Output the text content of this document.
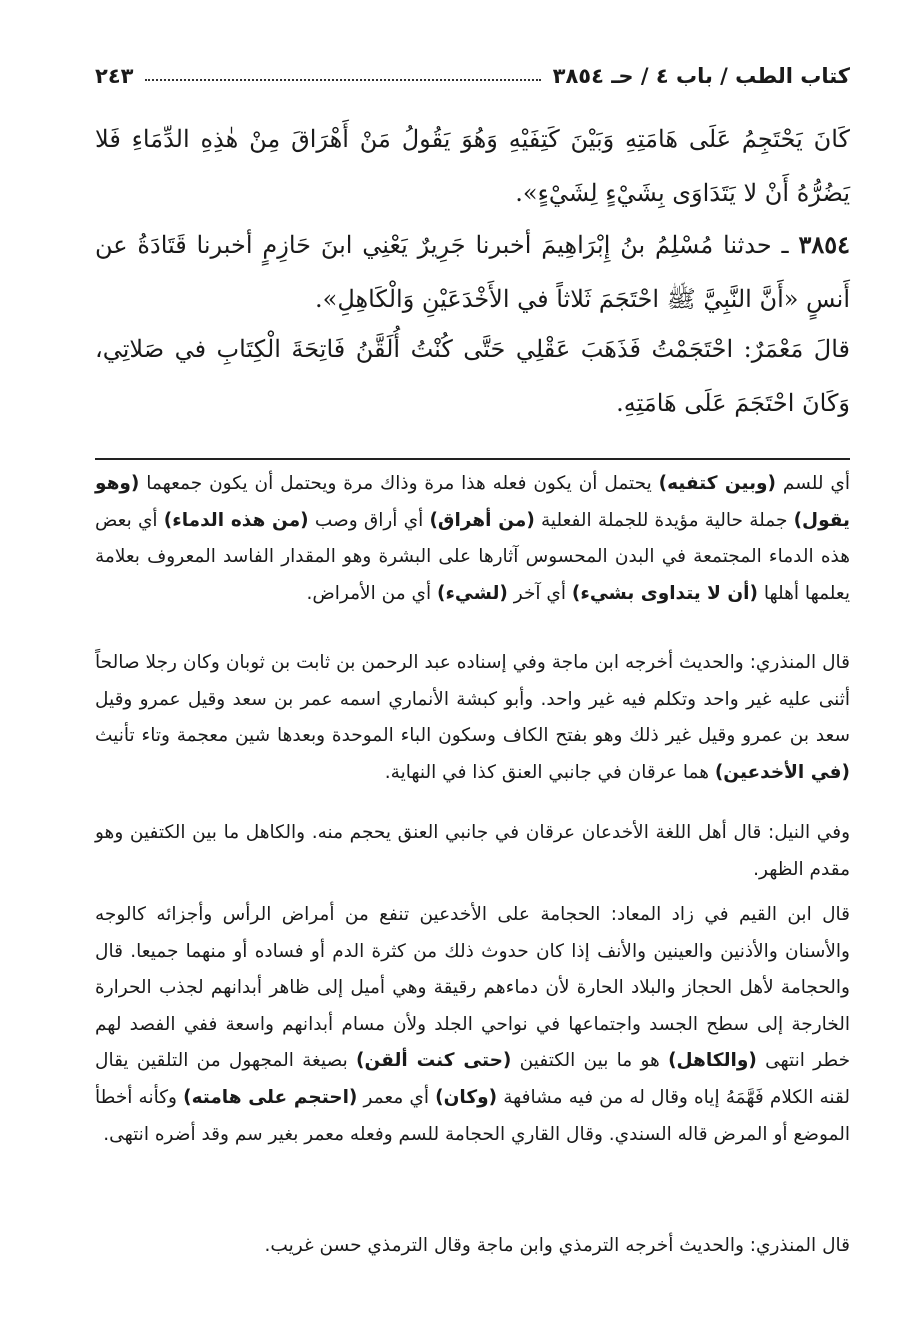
كتاب الطب / باب ٤ / حـ ٣٨٥٤
٢٤٣

كَانَ يَحْتَجِمُ عَلَى هَامَتِهِ وَبَيْنَ كَتِفَيْهِ وَهُوَ يَقُولُ مَنْ أَهْرَاقَ مِنْ هٰذِهِ الدِّمَاءِ فَلا يَضُرُّهُ أَنْ لا يَتَدَاوَى بِشَيْءٍ لِشَيْءٍ».

٣٨٥٤ ـ حدثنا مُسْلِمُ بنُ إِبْرَاهِيمَ أخبرنا جَرِيرٌ يَعْنِي ابنَ حَازِمٍ أخبرنا قَتَادَةُ عن أَنسٍ «أَنَّ النَّبِيَّ ﷺ احْتَجَمَ ثَلاثاً في الأَخْدَعَيْنِ وَالْكَاهِلِ».

قالَ مَعْمَرٌ: احْتَجَمْتُ فَذَهَبَ عَقْلِي حَتَّى كُنْتُ أُلَقَّنُ فَاتِحَةَ الْكِتَابِ في صَلاتِي، وَكَانَ احْتَجَمَ عَلَى هَامَتِهِ.

أي للسم (وبين كتفيه) يحتمل أن يكون فعله هذا مرة وذاك مرة ويحتمل أن يكون جمعهما (وهو يقول) جملة حالية مؤيدة للجملة الفعلية (من أهراق) أي أراق وصب (من هذه الدماء) أي بعض هذه الدماء المجتمعة في البدن المحسوس آثارها على البشرة وهو المقدار الفاسد المعروف بعلامة يعلمها أهلها (أن لا يتداوى بشيء) أي آخر (لشيء) أي من الأمراض.

قال المنذري: والحديث أخرجه ابن ماجة وفي إسناده عبد الرحمن بن ثابت بن ثوبان وكان رجلا صالحاً أثنى عليه غير واحد وتكلم فيه غير واحد. وأبو كبشة الأنماري اسمه عمر بن سعد وقيل عمرو وقيل سعد بن عمرو وقيل غير ذلك وهو بفتح الكاف وسكون الباء الموحدة وبعدها شين معجمة وتاء تأنيث (في الأخدعين) هما عرقان في جانبي العنق كذا في النهاية.

وفي النيل: قال أهل اللغة الأخدعان عرقان في جانبي العنق يحجم منه. والكاهل ما بين الكتفين وهو مقدم الظهر.

قال ابن القيم في زاد المعاد: الحجامة على الأخدعين تنفع من أمراض الرأس وأجزائه كالوجه والأسنان والأذنين والعينين والأنف إذا كان حدوث ذلك من كثرة الدم أو فساده أو منهما جميعا. قال والحجامة لأهل الحجاز والبلاد الحارة لأن دماءهم رقيقة وهي أميل إلى ظاهر أبدانهم لجذب الحرارة الخارجة إلى سطح الجسد واجتماعها في نواحي الجلد ولأن مسام أبدانهم واسعة ففي الفصد لهم خطر انتهى (والكاهل) هو ما بين الكتفين (حتى كنت ألقن) بصيغة المجهول من التلقين يقال لقنه الكلام فَهَّمَهُ إياه وقال له من فيه مشافهة (وكان) أي معمر (احتجم على هامته) وكأنه أخطأ الموضع أو المرض قاله السندي. وقال القاري الحجامة للسم وفعله معمر بغير سم وقد أضره انتهى.

قال المنذري: والحديث أخرجه الترمذي وابن ماجة وقال الترمذي حسن غريب.
